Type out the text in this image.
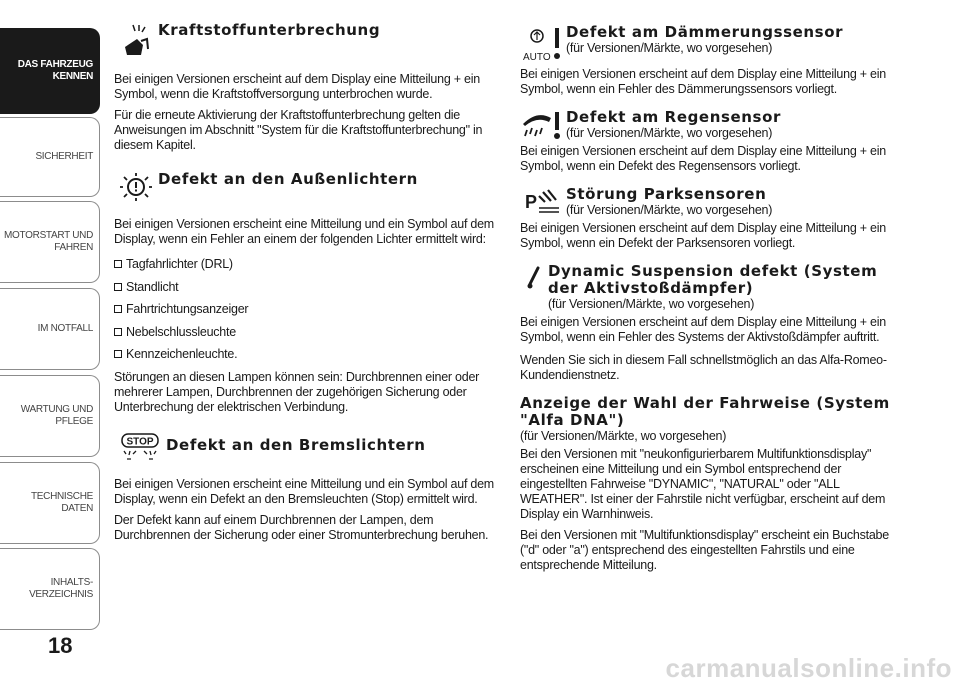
DAS FAHRZEUG KENNEN
SICHERHEIT
MOTORSTART UND FAHREN
IM NOTFALL
WARTUNG UND PFLEGE
TECHNISCHE DATEN
INHALTS-VERZEICHNIS
18
Kraftstoffunterbrechung

Bei einigen Versionen erscheint auf dem Display eine Mitteilung + ein Symbol, wenn die Kraftstoffversorgung unterbrochen wurde.

Für die erneute Aktivierung der Kraftstoffunterbrechung gelten die Anweisungen im Abschnitt "System für die Kraftstoffunterbrechung" in diesem Kapitel.

Defekt an den Außenlichtern

Bei einigen Versionen erscheint eine Mitteilung und ein Symbol auf dem Display, wenn ein Fehler an einem der folgenden Lichter ermittelt wird:

Tagfahrlichter (DRL)
Standlicht
Fahrtrichtungsanzeiger
Nebelschlussleuchte
Kennzeichenleuchte.

Störungen an diesen Lampen können sein: Durchbrennen einer oder mehrerer Lampen, Durchbrennen der zugehörigen Sicherung oder Unterbrechung der elektrischen Verbindung.

STOP Defekt an den Bremslichtern

Bei einigen Versionen erscheint eine Mitteilung und ein Symbol auf dem Display, wenn ein Defekt an den Bremsleuchten (Stop) ermittelt wird.

Der Defekt kann auf einem Durchbrennen der Lampen, dem Durchbrennen der Sicherung oder einer Stromunterbrechung beruhen.

AUTO
Defekt am Dämmerungssensor

(für Versionen/Märkte, wo vorgesehen)

Bei einigen Versionen erscheint auf dem Display eine Mitteilung + ein Symbol, wenn ein Fehler des Dämmerungssensors vorliegt.

Defekt am Regensensor

(für Versionen/Märkte, wo vorgesehen)

Bei einigen Versionen erscheint auf dem Display eine Mitteilung + ein Symbol, wenn ein Defekt des Regensensors vorliegt.

P Störung Parksensoren

(für Versionen/Märkte, wo vorgesehen)

Bei einigen Versionen erscheint auf dem Display eine Mitteilung + ein Symbol, wenn ein Defekt der Parksensoren vorliegt.

Dynamic Suspension defekt (System der Aktivstoßdämpfer)

(für Versionen/Märkte, wo vorgesehen)

Bei einigen Versionen erscheint auf dem Display eine Mitteilung + ein Symbol, wenn ein Fehler des Systems der Aktivstoßdämpfer auftritt.

Wenden Sie sich in diesem Fall schnellstmöglich an das Alfa-Romeo-Kundendienstnetz.

Anzeige der Wahl der Fahrweise (System "Alfa DNA")

(für Versionen/Märkte, wo vorgesehen)

Bei den Versionen mit "neukonfigurierbarem Multifunktionsdisplay" erscheinen eine Mitteilung und ein Symbol entsprechend der eingestellten Fahrweise "DYNAMIC", "NATURAL" oder "ALL WEATHER". Ist einer der Fahrstile nicht verfügbar, erscheint auf dem Display ein Warnhinweis.

Bei den Versionen mit "Multifunktionsdisplay" erscheint ein Buchstabe ("d" oder "a") entsprechend des eingestellten Fahrstils und eine entsprechende Mitteilung.

carmanualsonline.info
